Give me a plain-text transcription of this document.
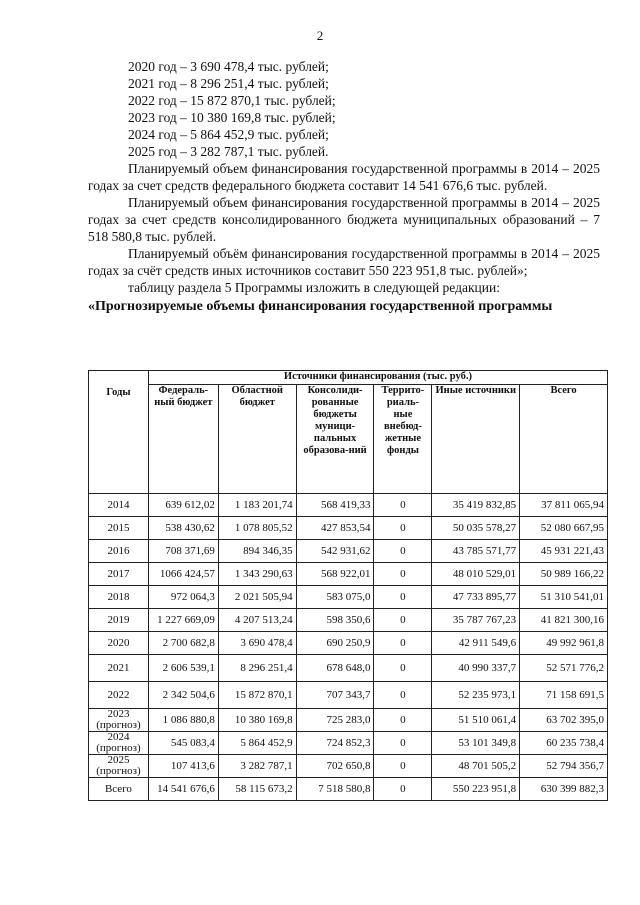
2
2020 год – 3 690 478,4 тыс. рублей;
2021 год – 8 296 251,4 тыс. рублей;
2022 год – 15 872 870,1 тыс. рублей;
2023 год – 10 380 169,8 тыс. рублей;
2024 год – 5 864 452,9 тыс. рублей;
2025 год – 3 282 787,1 тыс. рублей.
Планируемый объем финансирования государственной программы в 2014 – 2025 годах за счет средств федерального бюджета составит 14 541 676,6 тыс. рублей.
Планируемый объем финансирования государственной программы в 2014 – 2025 годах за счет средств консолидированного бюджета муниципальных образований – 7 518 580,8 тыс. рублей.
Планируемый объём финансирования государственной программы в 2014 – 2025 годах за счёт средств иных источников составит 550 223 951,8 тыс. рублей»;
таблицу раздела 5 Программы изложить в следующей редакции:
«Прогнозируемые объемы финансирования государственной программы
Годы	Источники финансирования (тыс. руб.)					
	Федераль-ный бюджет	Областной бюджет	Консолиди-рованные бюджеты муници-пальных образова-ний	Террито-риаль-ные внебюд-жетные фонды	Иные источники	Всего
2014	639 612,02	1 183 201,74	568 419,33	0	35 419 832,85	37 811 065,94
2015	538 430,62	1 078 805,52	427 853,54	0	50 035 578,27	52 080 667,95
2016	708 371,69	894 346,35	542 931,62	0	43 785 571,77	45 931 221,43
2017	1066 424,57	1 343 290,63	568 922,01	0	48 010 529,01	50 989 166,22
2018	972 064,3	2 021 505,94	583 075,0	0	47 733 895,77	51 310 541,01
2019	1 227 669,09	4 207 513,24	598 350,6	0	35 787 767,23	41 821 300,16
2020	2 700 682,8	3 690 478,4	690 250,9	0	42 911 549,6	49 992 961,8
2021	2 606 539,1	8 296 251,4	678 648,0	0	40 990 337,7	52 571 776,2
2022	2 342 504,6	15 872 870,1	707 343,7	0	52 235 973,1	71 158 691,5
2023 (прогноз)	1 086 880,8	10 380 169,8	725 283,0	0	51 510 061,4	63 702 395,0
2024 (прогноз)	545 083,4	5 864 452,9	724 852,3	0	53 101 349,8	60 235 738,4
2025 (прогноз)	107 413,6	3 282 787,1	702 650,8	0	48 701 505,2	52 794 356,7
Всего	14 541 676,6	58 115 673,2	7 518 580,8	0	550 223 951,8	630 399 882,3
